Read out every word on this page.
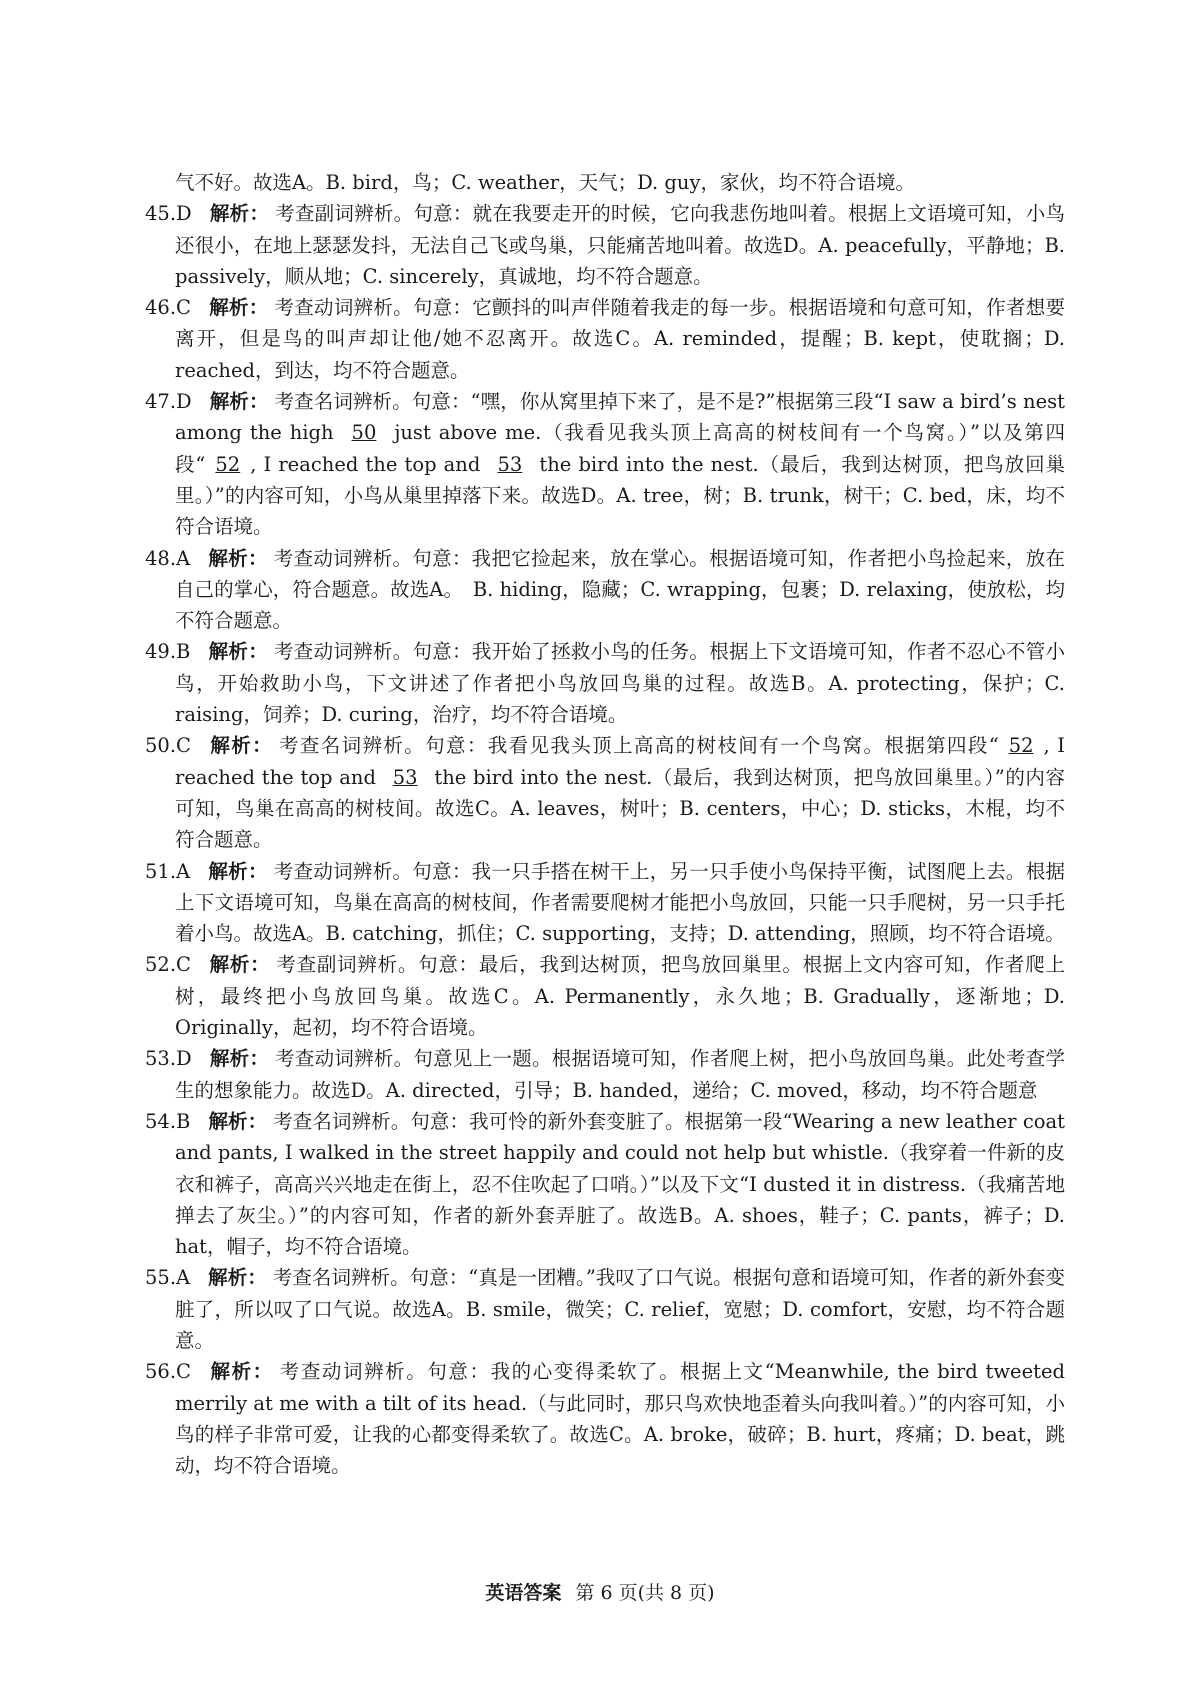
气不好。故选A。B. bird，鸟；C. weather，天气；D. guy，家伙，均不符合语境。

45.D 解析： 考查副词辨析。句意：就在我要走开的时候，它向我悲伤地叫着。根据上文语境可知，小鸟还很小，在地上瑟瑟发抖，无法自己飞或鸟巢，只能痛苦地叫着。故选D。A. peacefully，平静地；B. passively，顺从地；C. sincerely，真诚地，均不符合题意。

46.C 解析： 考查动词辨析。句意：它颤抖的叫声伴随着我走的每一步。根据语境和句意可知，作者想要离开，但是鸟的叫声却让他/她不忍离开。故选C。A. reminded，提醒；B. kept，使耽搁；D. reached，到达，均不符合题意。

47.D 解析： 考查名词辨析。句意：“嘿，你从窝里掉下来了，是不是?”根据第三段“I saw a bird’s nest among the high 50 just above me.（我看见我头顶上高高的树枝间有一个鸟窝。）”以及第四段“ 52 , I reached the top and 53 the bird into the nest.（最后，我到达树顶，把鸟放回巢里。）”的内容可知，小鸟从巢里掉落下来。故选D。A. tree，树；B. trunk，树干；C. bed，床，均不符合语境。

48.A 解析： 考查动词辨析。句意：我把它捡起来，放在掌心。根据语境可知，作者把小鸟捡起来，放在自己的掌心，符合题意。故选A。　B. hiding，隐藏；C. wrapping，包裹；D. relaxing，使放松，均不符合题意。

49.B 解析： 考查动词辨析。句意：我开始了拯救小鸟的任务。根据上下文语境可知，作者不忍心不管小鸟，开始救助小鸟，下文讲述了作者把小鸟放回鸟巢的过程。故选B。A. protecting，保护；C. raising，饲养；D. curing，治疗，均不符合语境。

50.C 解析： 考查名词辨析。句意：我看见我头顶上高高的树枝间有一个鸟窝。根据第四段“ 52 , I reached the top and 53 the bird into the nest.（最后，我到达树顶，把鸟放回巢里。）”的内容可知，鸟巢在高高的树枝间。故选C。A. leaves，树叶；B. centers，中心；D. sticks，木棍，均不符合题意。

51.A 解析： 考查动词辨析。句意：我一只手搭在树干上，另一只手使小鸟保持平衡，试图爬上去。根据上下文语境可知，鸟巢在高高的树枝间，作者需要爬树才能把小鸟放回，只能一只手爬树，另一只手托着小鸟。故选A。B. catching，抓住；C. supporting，支持；D. attending，照顾，均不符合语境。

52.C 解析： 考查副词辨析。句意：最后，我到达树顶，把鸟放回巢里。根据上文内容可知，作者爬上树，最终把小鸟放回鸟巢。故选C。A. Permanently，永久地；B. Gradually，逐渐地；D. Originally，起初，均不符合语境。

53.D 解析： 考查动词辨析。句意见上一题。根据语境可知，作者爬上树，把小鸟放回鸟巢。此处考查学生的想象能力。故选D。A. directed，引导；B. handed，递给；C. moved，移动，均不符合题意

54.B 解析： 考查名词辨析。句意：我可怜的新外套变脏了。根据第一段“Wearing a new leather coat and pants, I walked in the street happily and could not help but whistle.（我穿着一件新的皮衣和裤子，高高兴兴地走在街上，忍不住吹起了口哨。）”以及下文“I dusted it in distress.（我痛苦地掸去了灰尘。）”的内容可知，作者的新外套弄脏了。故选B。A. shoes，鞋子；C. pants，裤子；D. hat，帽子，均不符合语境。

55.A 解析： 考查名词辨析。句意：“真是一团糟。”我叹了口气说。根据句意和语境可知，作者的新外套变脏了，所以叹了口气说。故选A。B. smile，微笑；C. relief，宽慰；D. comfort，安慰，均不符合题意。

56.C 解析： 考查动词辨析。句意：我的心变得柔软了。根据上文“Meanwhile, the bird tweeted merrily at me with a tilt of its head.（与此同时，那只鸟欢快地歪着头向我叫着。）”的内容可知，小鸟的样子非常可爱，让我的心都变得柔软了。故选C。A. broke，破碎；B. hurt，疼痛；D. beat，跳动，均不符合语境。

英语答案 第 6 页(共 8 页)
